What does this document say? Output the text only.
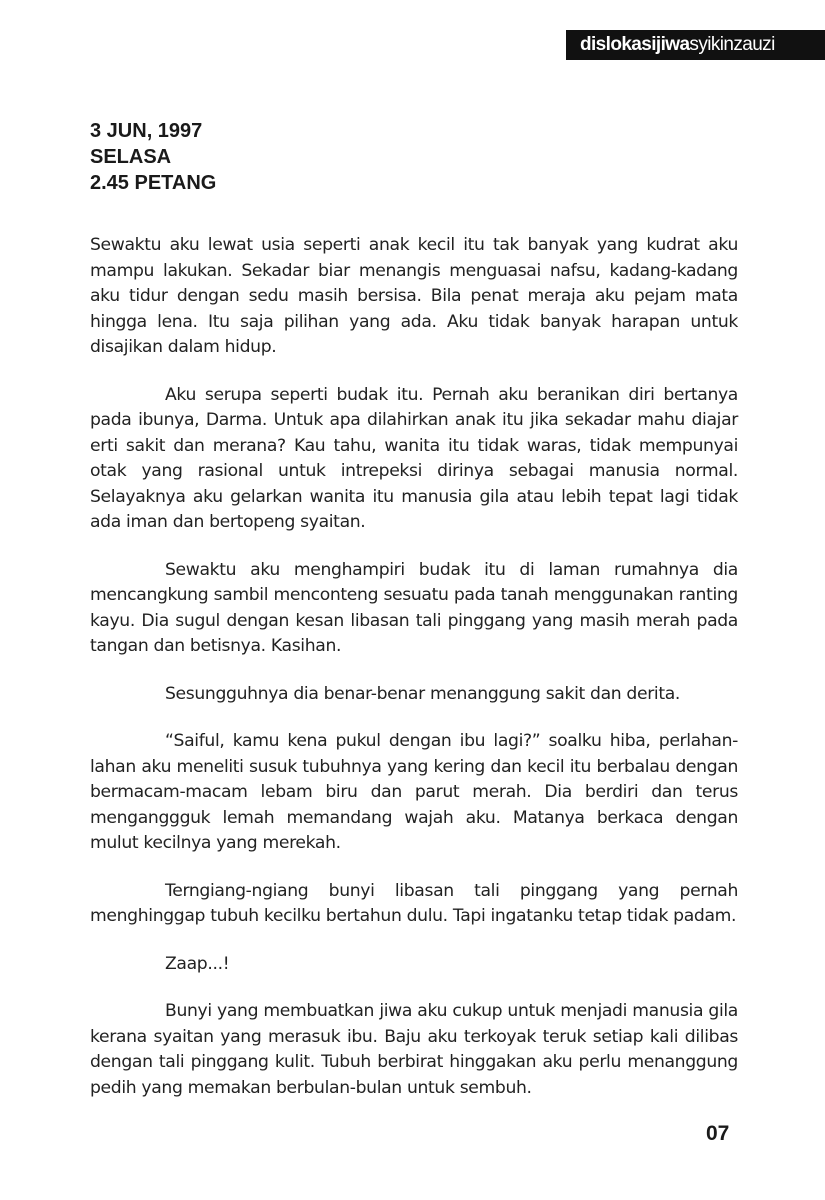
dislokasijiwa syikinzauzi
3 JUN, 1997
SELASA
2.45 PETANG

Sewaktu aku lewat usia seperti anak kecil itu tak banyak yang kudrat aku mampu lakukan. Sekadar biar menangis menguasai nafsu, kadang-kadang aku tidur dengan sedu masih bersisa. Bila penat meraja aku pejam mata hingga lena. Itu saja pilihan yang ada. Aku tidak banyak harapan untuk disajikan dalam hidup.

Aku serupa seperti budak itu. Pernah aku beranikan diri bertanya pada ibunya, Darma. Untuk apa dilahirkan anak itu jika sekadar mahu diajar erti sakit dan merana? Kau tahu, wanita itu tidak waras, tidak mempunyai otak yang rasional untuk intrepeksi dirinya sebagai manusia normal. Selayaknya aku gelarkan wanita itu manusia gila atau lebih tepat lagi tidak ada iman dan bertopeng syaitan.

Sewaktu aku menghampiri budak itu di laman rumahnya dia mencangkung sambil menconteng sesuatu pada tanah menggunakan ranting kayu. Dia sugul dengan kesan libasan tali pinggang yang masih merah pada tangan dan betisnya. Kasihan.

Sesungguhnya dia benar-benar menanggung sakit dan derita.

“Saiful, kamu kena pukul dengan ibu lagi?” soalku hiba, perlahan-lahan aku meneliti susuk tubuhnya yang kering dan kecil itu berbalau dengan bermacam-macam lebam biru dan parut merah. Dia berdiri dan terus menganggguk lemah memandang wajah aku. Matanya berkaca dengan mulut kecilnya yang merekah.

Terngiang-ngiang bunyi libasan tali pinggang yang pernah menghinggap tubuh kecilku bertahun dulu. Tapi ingatanku tetap tidak padam.

Zaap...!

Bunyi yang membuatkan jiwa aku cukup untuk menjadi manusia gila kerana syaitan yang merasuk ibu. Baju aku terkoyak teruk setiap kali dilibas dengan tali pinggang kulit. Tubuh berbirat hinggakan aku perlu menanggung pedih yang memakan berbulan-bulan untuk sembuh.

07
